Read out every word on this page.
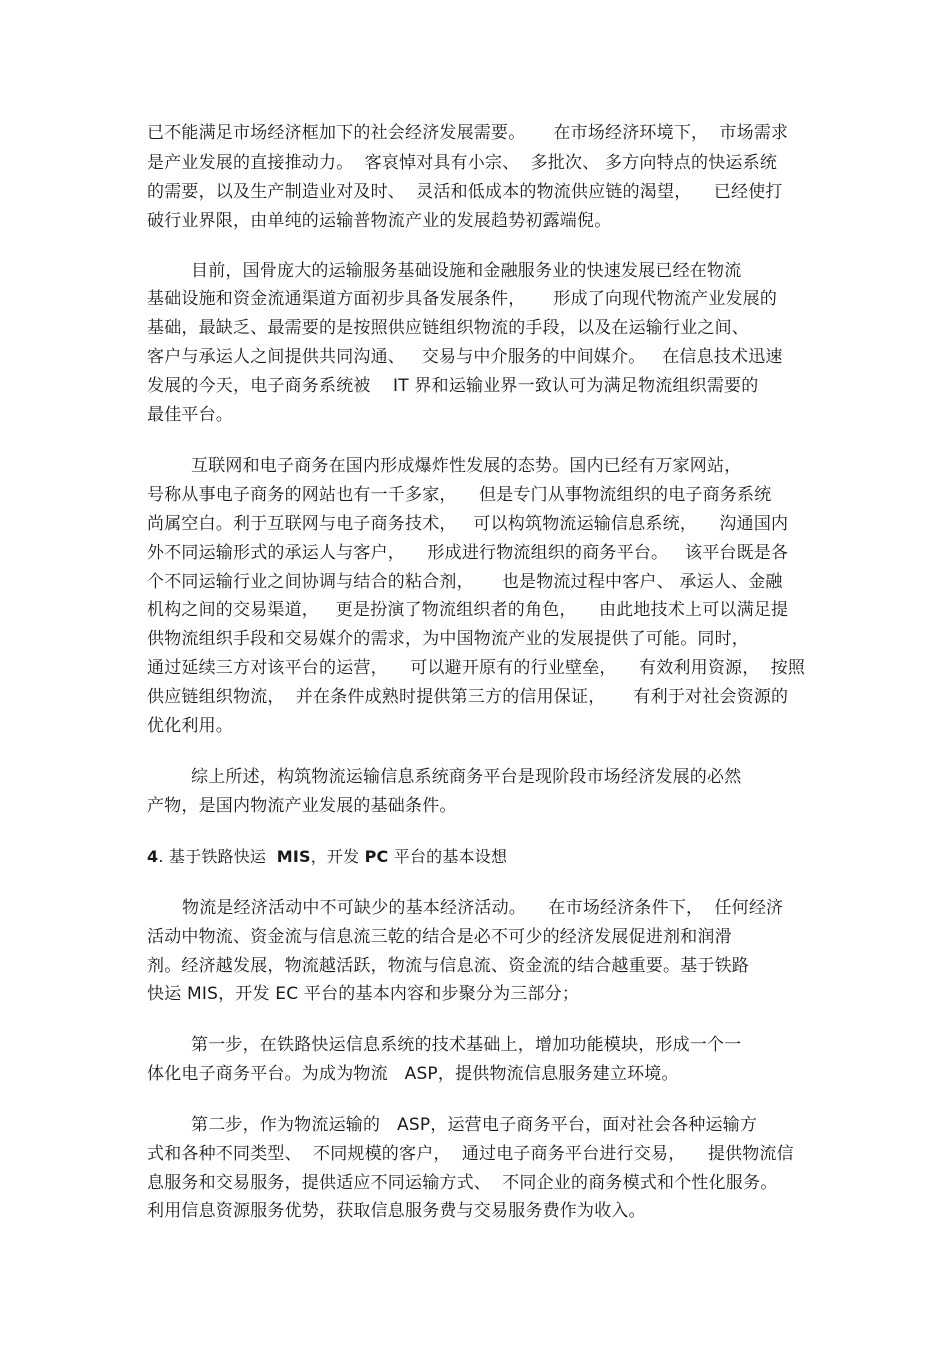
已不能满足市场经济框加下的社会经济发展需要。     在市场经济环境下，  市场需求
是产业发展的直接推动力。  客哀悼对具有小宗、  多批次、 多方向特点的快运系统
的需要，以及生产制造业对及时、  灵活和低成本的物流供应链的渴望，    已经使打
破行业界限，由单纯的运输普物流产业的发展趋势初露端倪。
目前，国骨庞大的运输服务基础设施和金融服务业的快速发展已经在物流
基础设施和资金流通渠道方面初步具备发展条件，     形成了向现代物流产业发展的
基础，最缺乏、最需要的是按照供应链组织物流的手段，以及在运输行业之间、
客户与承运人之间提供共同沟通、   交易与中介服务的中间媒介。   在信息技术迅速
发展的今天，电子商务系统被    IT 界和运输业界一致认可为满足物流组织需要的
最佳平台。
互联网和电子商务在国内形成爆炸性发展的态势。国内已经有万家网站，
号称从事电子商务的网站也有一千多家，    但是专门从事物流组织的电子商务系统
尚属空白。利于互联网与电子商务技术，   可以构筑物流运输信息系统，    沟通国内
外不同运输形式的承运人与客户，    形成进行物流组织的商务平台。   该平台既是各
个不同运输行业之间协调与结合的粘合剂，     也是物流过程中客户、 承运人、金融
机构之间的交易渠道，   更是扮演了物流组织者的角色，    由此地技术上可以满足提
供物流组织手段和交易媒介的需求，为中国物流产业的发展提供了可能。同时，
通过延续三方对该平台的运营，    可以避开原有的行业壁垒，    有效利用资源，  按照
供应链组织物流，  并在条件成熟时提供第三方的信用保证，     有利于对社会资源的
优化利用。
综上所述，构筑物流运输信息系统商务平台是现阶段市场经济发展的必然
产物，是国内物流产业发展的基础条件。
4. 基于铁路快运  MIS，开发 PC 平台的基本设想
物流是经济活动中不可缺少的基本经济活动。    在市场经济条件下，  任何经济
活动中物流、资金流与信息流三乾的结合是必不可少的经济发展促进剂和润滑
剂。经济越发展，物流越活跃，物流与信息流、资金流的结合越重要。基于铁路
快运 MIS，开发 EC 平台的基本内容和步聚分为三部分；
第一步，在铁路快运信息系统的技术基础上，增加功能模块，形成一个一
体化电子商务平台。为成为物流   ASP，提供物流信息服务建立环境。
第二步，作为物流运输的   ASP，运营电子商务平台，面对社会各种运输方
式和各种不同类型、  不同规模的客户，  通过电子商务平台进行交易，    提供物流信
息服务和交易服务，提供适应不同运输方式、  不同企业的商务模式和个性化服务。
利用信息资源服务优势，获取信息服务费与交易服务费作为收入。
